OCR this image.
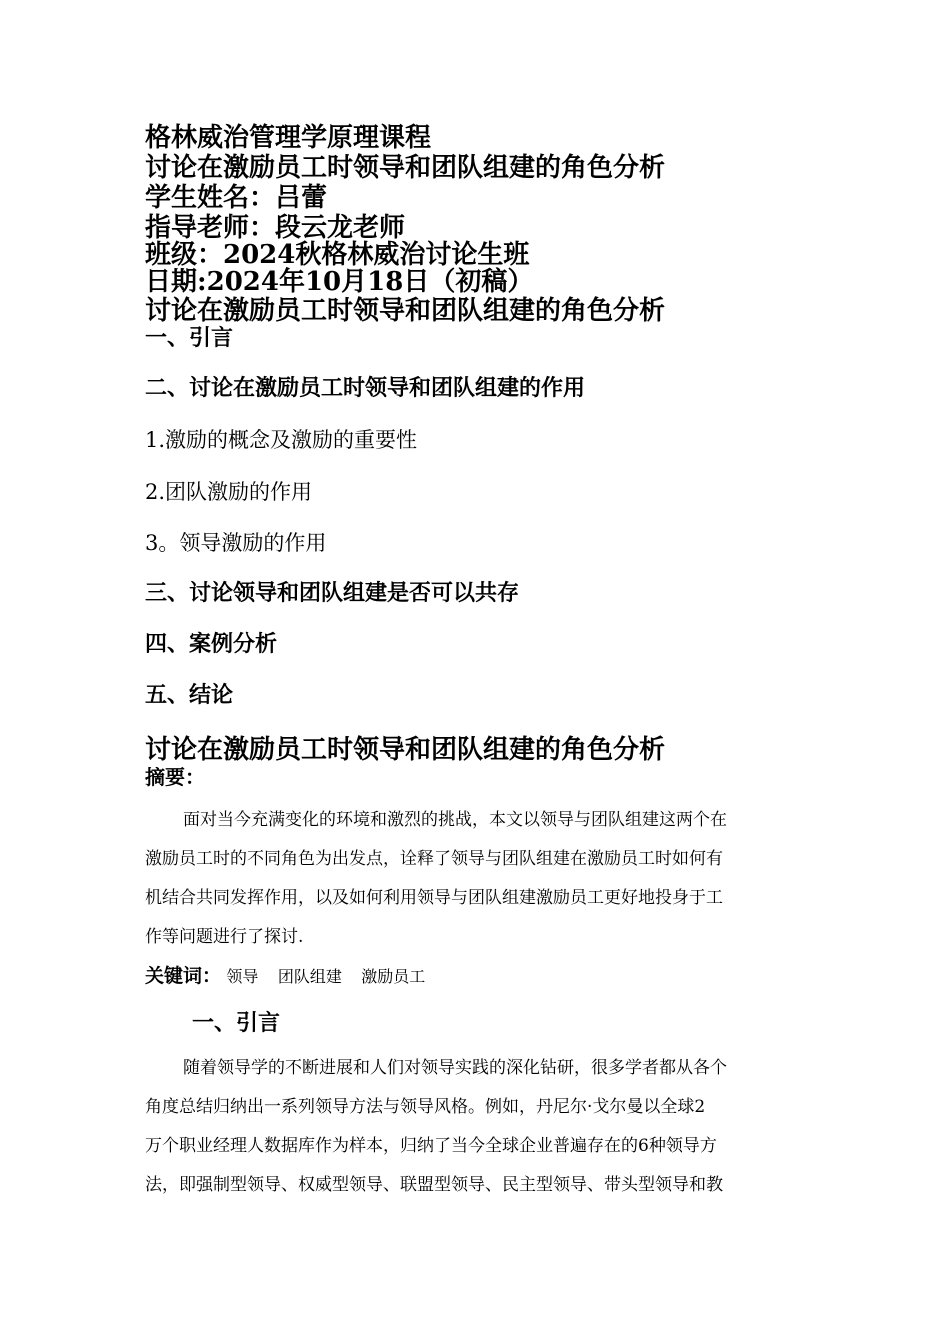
格林威治管理学原理课程
讨论在激励员工时领导和团队组建的角色分析
学生姓名：吕蕾
指导老师：段云龙老师
班级：2024秋格林威治讨论生班
日期:2024年10月18日（初稿）
讨论在激励员工时领导和团队组建的角色分析
一、引言
二、讨论在激励员工时领导和团队组建的作用
1.激励的概念及激励的重要性
2.团队激励的作用
3。领导激励的作用
三、讨论领导和团队组建是否可以共存
四、案例分析
五、结论
讨论在激励员工时领导和团队组建的角色分析
摘要：
面对当今充满变化的环境和激烈的挑战，本文以领导与团队组建这两个在
激励员工时的不同角色为出发点，诠释了领导与团队组建在激励员工时如何有
机结合共同发挥作用，以及如何利用领导与团队组建激励员工更好地投身于工
作等问题进行了探讨.
关键词： 领导 团队组建 激励员工
一、引言
随着领导学的不断进展和人们对领导实践的深化钻研，很多学者都从各个
角度总结归纳出一系列领导方法与领导风格。例如，丹尼尔·戈尔曼以全球2
万个职业经理人数据库作为样本，归纳了当今全球企业普遍存在的6种领导方
法，即强制型领导、权威型领导、联盟型领导、民主型领导、带头型领导和教
